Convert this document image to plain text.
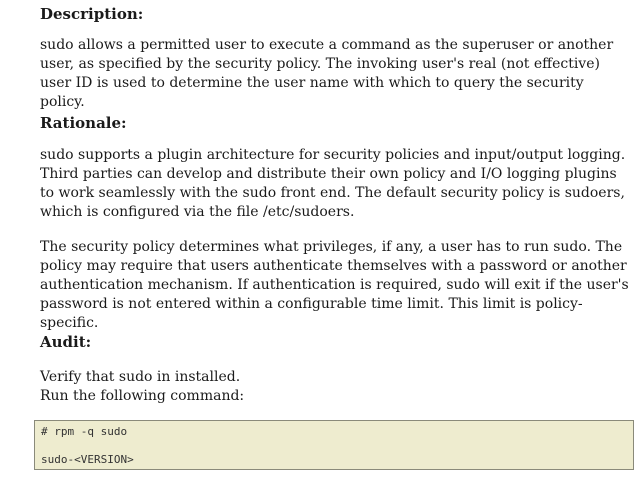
Description:

sudo allows a permitted user to execute a command as the superuser or another user, as specified by the security policy. The invoking user's real (not effective) user ID is used to determine the user name with which to query the security policy.

Rationale:

sudo supports a plugin architecture for security policies and input/output logging. Third parties can develop and distribute their own policy and I/O logging plugins to work seamlessly with the sudo front end. The default security policy is sudoers, which is configured via the file /etc/sudoers.

The security policy determines what privileges, if any, a user has to run sudo. The policy may require that users authenticate themselves with a password or another authentication mechanism. If authentication is required, sudo will exit if the user's password is not entered within a configurable time limit. This limit is policy-specific.

Audit:

Verify that sudo in installed.
Run the following command:
# rpm -q sudo
sudo-<VERSION>
